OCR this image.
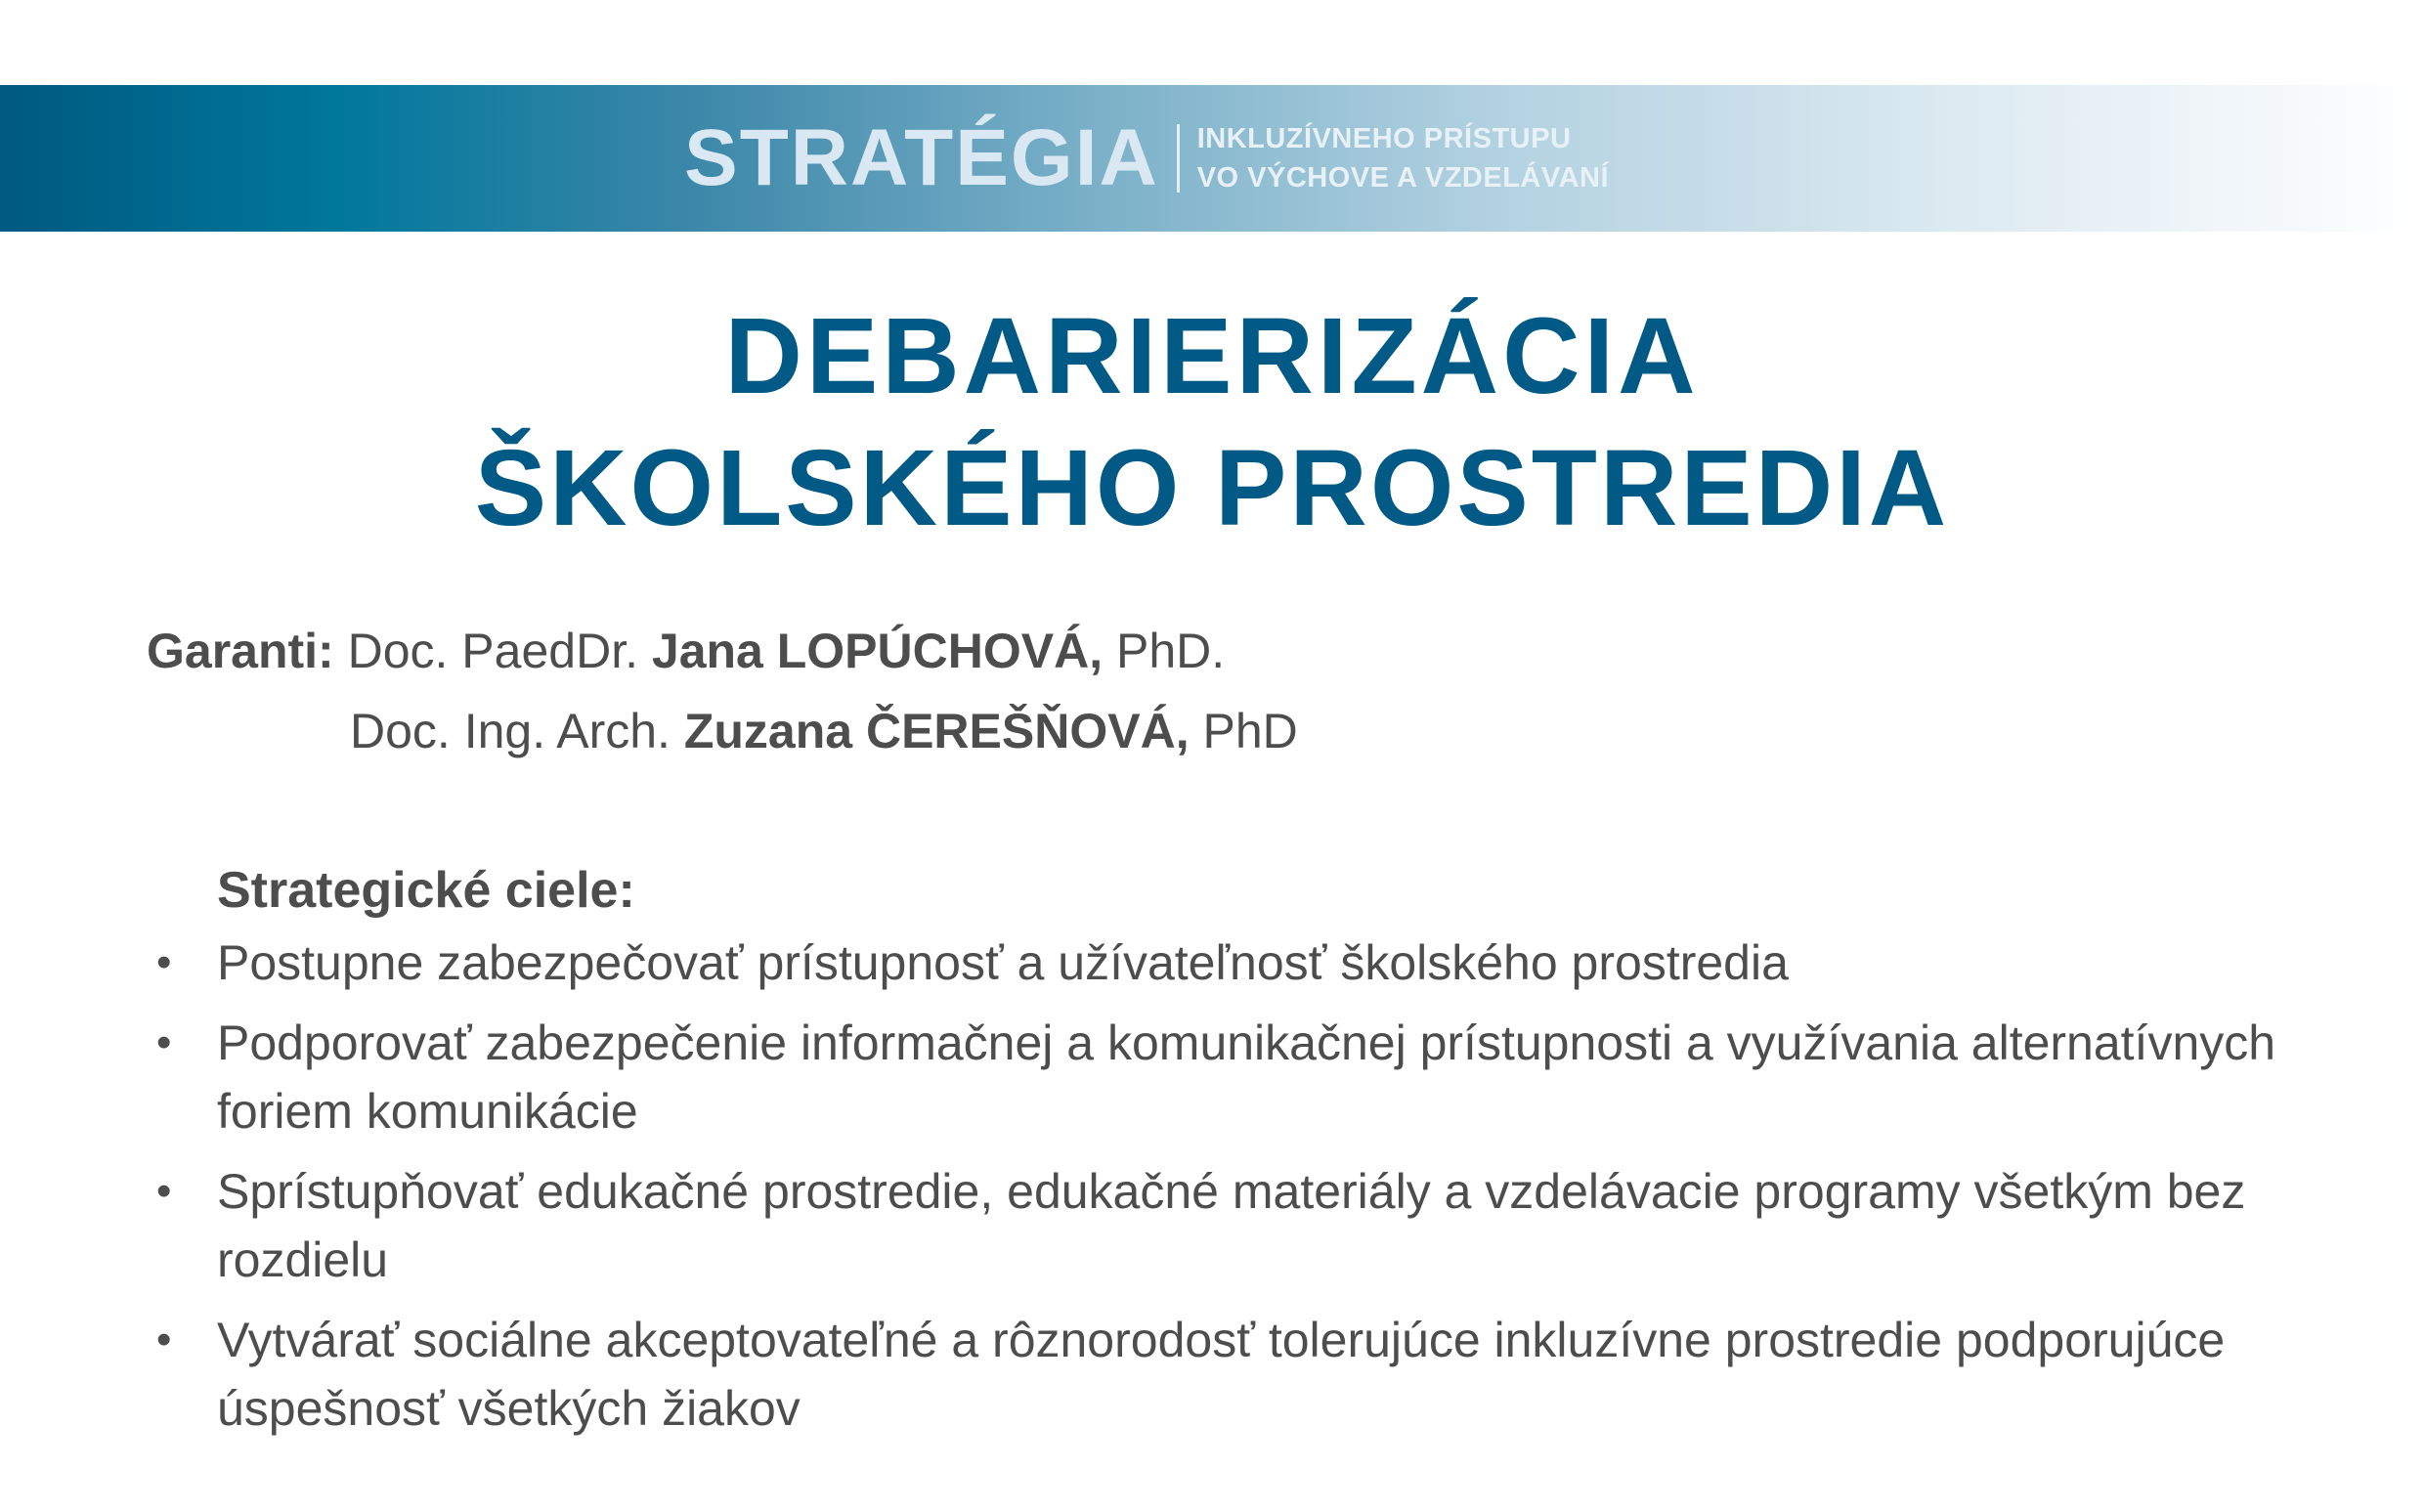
STRATÉGIA INKLUZÍVNEHO PRÍSTUPU
VO VÝCHOVE A VZDELÁVANÍ
DEBARIERIZÁCIA
ŠKOLSKÉHO PROSTREDIA
Garanti: Doc. PaedDr. Jana LOPÚCHOVÁ, PhD.
Doc. Ing. Arch. Zuzana ČEREŠŇOVÁ, PhD
Strategické ciele:
• Postupne zabezpečovať prístupnosť a užívateľnosť školského prostredia
• Podporovať zabezpečenie informačnej a komunikačnej prístupnosti a využívania alternatívnych foriem komunikácie
• Sprístupňovať edukačné prostredie, edukačné materiály a vzdelávacie programy všetkým bez rozdielu
• Vytvárať sociálne akceptovateľné a rôznorodosť tolerujúce inkluzívne prostredie podporujúce úspešnosť všetkých žiakov
